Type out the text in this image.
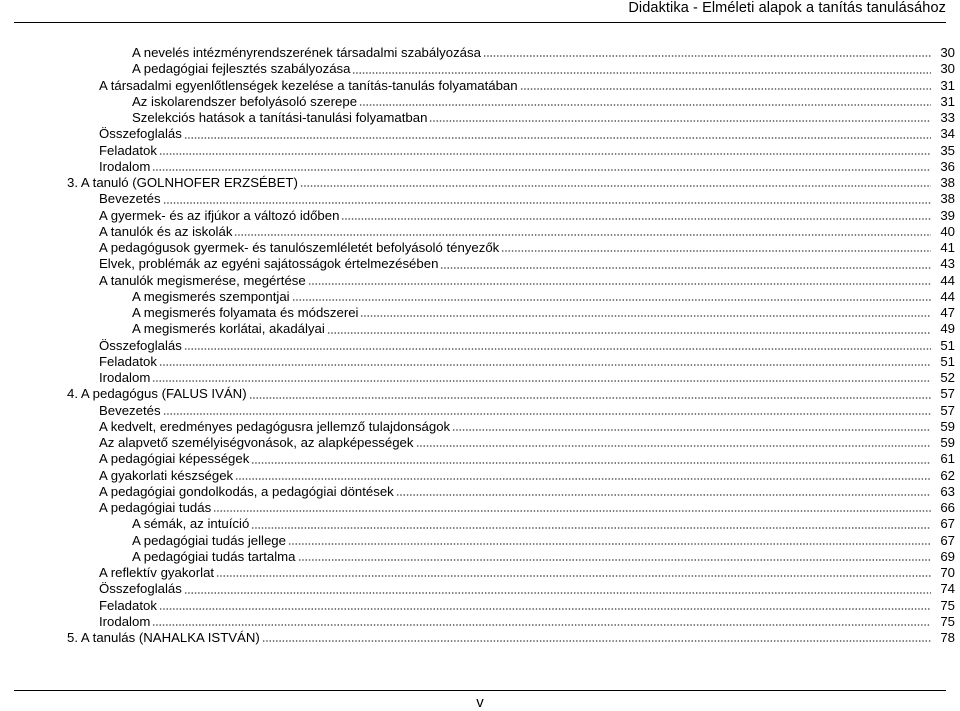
Didaktika - Elméleti alapok a tanítás tanulásához
A nevelés intézményrendszerének társadalmi szabályozása	30
A pedagógiai fejlesztés szabályozása	30
A társadalmi egyenlőtlenségek kezelése a tanítás-tanulás folyamatában	31
Az iskolarendszer befolyásoló szerepe	31
Szelekciós hatások a tanítási-tanulási folyamatban	33
Összefoglalás	34
Feladatok	35
Irodalom	36
3. A tanuló (GOLNHOFER ERZSÉBET)	38
Bevezetés	38
A gyermek- és az ifjúkor a változó időben	39
A tanulók és az iskolák	40
A pedagógusok gyermek- és tanulószemléletét befolyásoló tényezők	41
Elvek, problémák az egyéni sajátosságok értelmezésében	43
A tanulók megismerése, megértése	44
A megismerés szempontjai	44
A megismerés folyamata és módszerei	47
A megismerés korlátai, akadályai	49
Összefoglalás	51
Feladatok	51
Irodalom	52
4. A pedagógus (FALUS IVÁN)	57
Bevezetés	57
A kedvelt, eredményes pedagógusra jellemző tulajdonságok	59
Az alapvető személyiségvonások, az alapképességek	59
A pedagógiai képességek	61
A gyakorlati készségek	62
A pedagógiai gondolkodás, a pedagógiai döntések	63
A pedagógiai tudás	66
A sémák, az intuíció	67
A pedagógiai tudás jellege	67
A pedagógiai tudás tartalma	69
A reflektív gyakorlat	70
Összefoglalás	74
Feladatok	75
Irodalom	75
5. A tanulás (NAHALKA ISTVÁN)	78
v
